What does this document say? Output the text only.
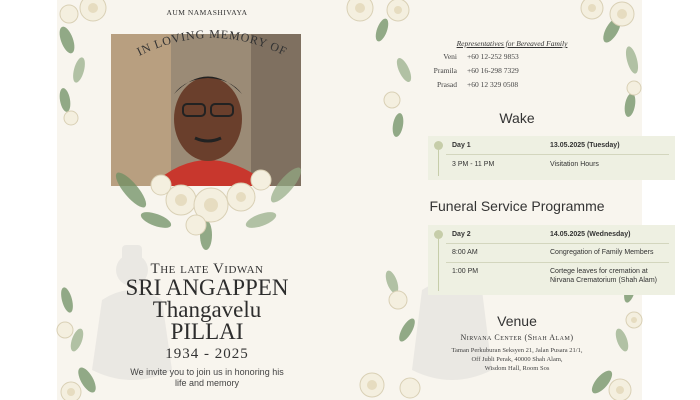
AUM NAMASHIVAYA
IN LOVING MEMORY OF
The late Vidwan
SRI ANGAPPEN
Thangavelu
PILLAI
1934 - 2025
We invite you to join us in honoring his
life and memory
Representatives for Bereaved Family
Veni +60 12-252 9853
Pramila +60 16-298 7329
Prasad +60 12 329 0508
Wake
Day 1	13.05.2025 (Tuesday)
3 PM - 11 PM	Visitation Hours
Funeral Service Programme
Day 2	14.05.2025 (Wednesday)
8:00 AM	Congregation of Family Members
1:00 PM	Cortege leaves for cremation at
Nirvana Crematorium (Shah Alam)
Venue
Nirvana Center (Shah Alam)
Taman Perkuburan Seksyen 21, Jalan Pusara 21/1,
Off Jubli Perak, 40000 Shah Alam,
Wisdom Hall, Room Sos
